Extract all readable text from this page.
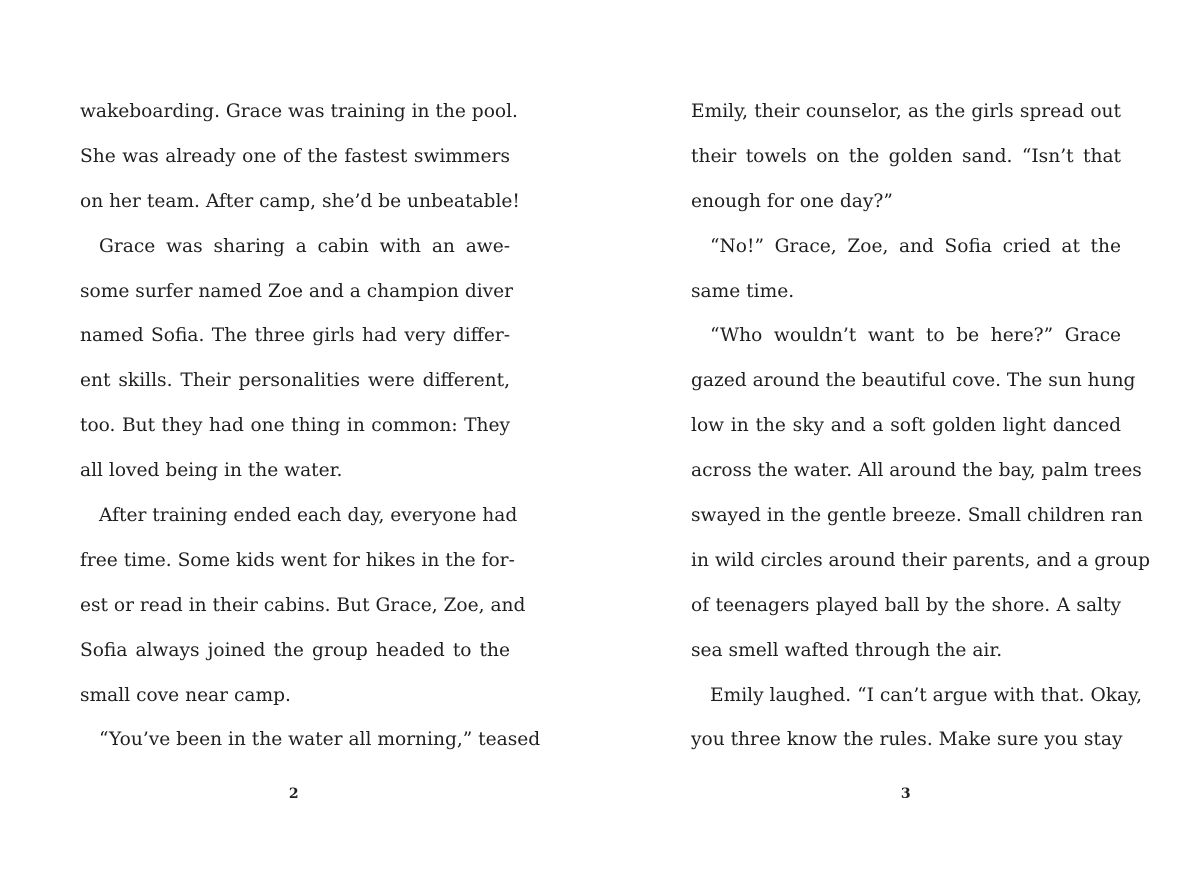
wakeboarding. Grace was training in the pool.
She was already one of the fastest swimmers
on her team. After camp, she’d be unbeatable!
Grace was sharing a cabin with an awe-
some surfer named Zoe and a champion diver
named Sofia. The three girls had very differ-
ent skills. Their personalities were different,
too. But they had one thing in common: They
all loved being in the water.
After training ended each day, everyone had
free time. Some kids went for hikes in the for-
est or read in their cabins. But Grace, Zoe, and
Sofia always joined the group headed to the
small cove near camp.
“You’ve been in the water all morning,” teased
2
Emily, their counselor, as the girls spread out
their towels on the golden sand. “Isn’t that
enough for one day?”
“No!” Grace, Zoe, and Sofia cried at the
same time.
“Who wouldn’t want to be here?” Grace
gazed around the beautiful cove. The sun hung
low in the sky and a soft golden light danced
across the water. All around the bay, palm trees
swayed in the gentle breeze. Small children ran
in wild circles around their parents, and a group
of teenagers played ball by the shore. A salty
sea smell wafted through the air.
Emily laughed. “I can’t argue with that. Okay,
you three know the rules. Make sure you stay
3
